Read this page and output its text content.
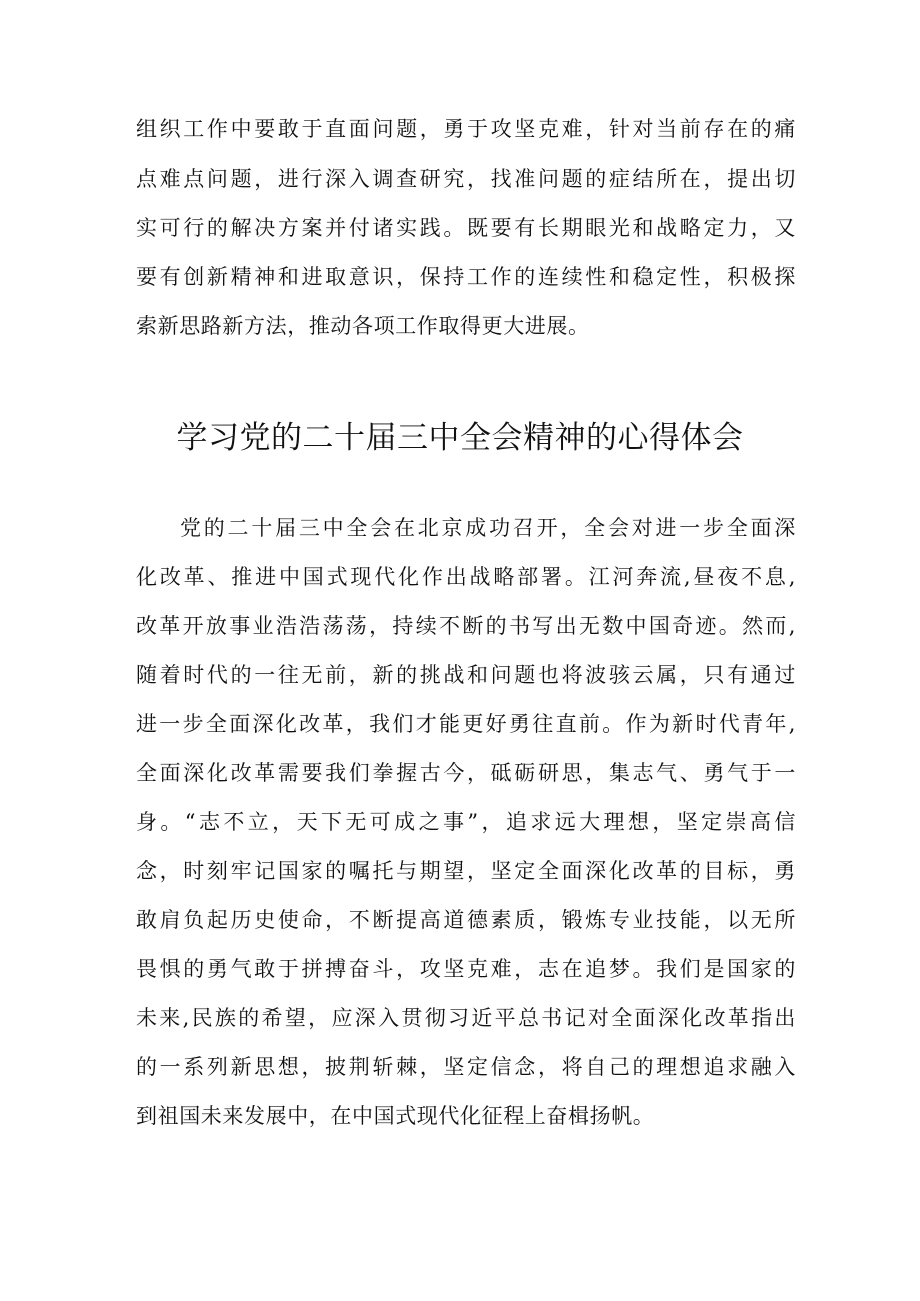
组织工作中要敢于直面问题，勇于攻坚克难，针对当前存在的痛
点难点问题，进行深入调查研究，找准问题的症结所在，提出切
实可行的解决方案并付诸实践。既要有长期眼光和战略定力，又
要有创新精神和进取意识，保持工作的连续性和稳定性，积极探
索新思路新方法，推动各项工作取得更大进展。
学习党的二十届三中全会精神的心得体会
党的二十届三中全会在北京成功召开，全会对进一步全面深
化改革、推进中国式现代化作出战略部署。江河奔流,昼夜不息,
改革开放事业浩浩荡荡，持续不断的书写出无数中国奇迹。然而,
随着时代的一往无前，新的挑战和问题也将波骇云属，只有通过
进一步全面深化改革，我们才能更好勇往直前。作为新时代青年,
全面深化改革需要我们拳握古今，砥砺研思，集志气、勇气于一
身。“志不立，天下无可成之事”，追求远大理想，坚定崇高信
念，时刻牢记国家的嘱托与期望，坚定全面深化改革的目标，勇
敢肩负起历史使命，不断提高道德素质，锻炼专业技能，以无所
畏惧的勇气敢于拼搏奋斗，攻坚克难，志在追梦。我们是国家的
未来,民族的希望，应深入贯彻习近平总书记对全面深化改革指出
的一系列新思想，披荆斩棘，坚定信念，将自己的理想追求融入
到祖国未来发展中，在中国式现代化征程上奋楫扬帆。
